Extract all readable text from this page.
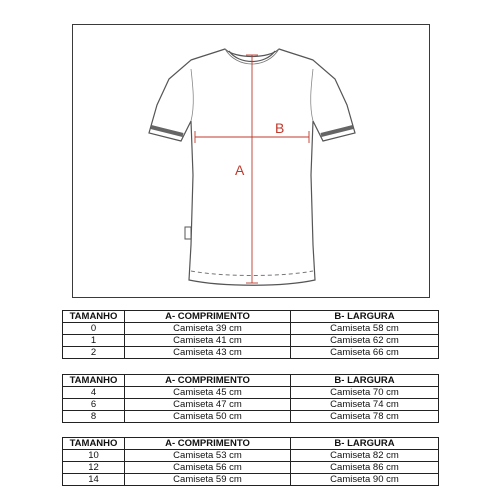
A
B
TAMANHO	A- COMPRIMENTO	B- LARGURA
0	Camiseta 39 cm	Camiseta 58 cm
1	Camiseta 41 cm	Camiseta 62 cm
2	Camiseta 43 cm	Camiseta 66 cm
TAMANHO	A- COMPRIMENTO	B- LARGURA
4	Camiseta 45 cm	Camiseta 70 cm
6	Camiseta 47 cm	Camiseta 74 cm
8	Camiseta 50 cm	Camiseta 78 cm
TAMANHO	A- COMPRIMENTO	B- LARGURA
10	Camiseta 53 cm	Camiseta 82 cm
12	Camiseta 56 cm	Camiseta 86 cm
14	Camiseta 59 cm	Camiseta 90 cm
